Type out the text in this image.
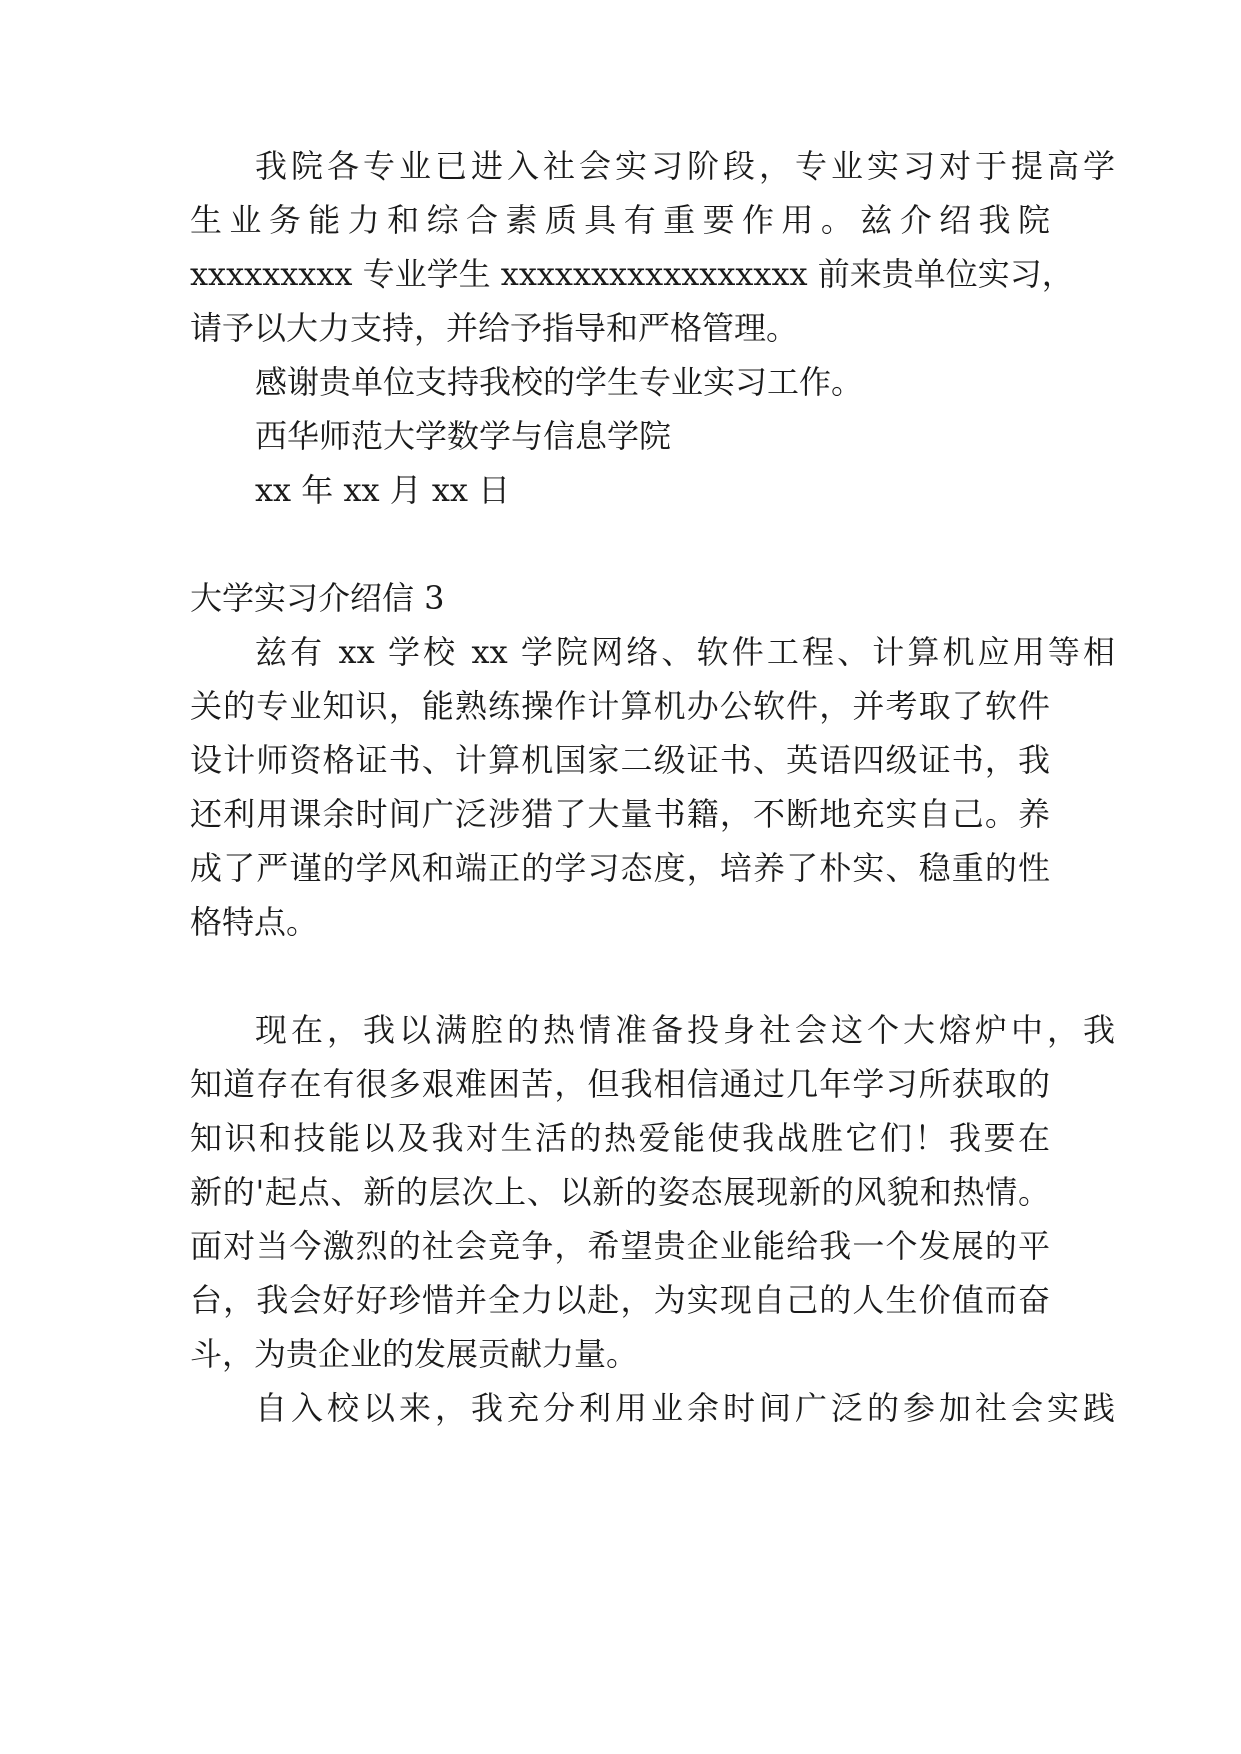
我院各专业已进入社会实习阶段，专业实习对于提高学
生业务能力和综合素质具有重要作用。兹介绍我院
xxxxxxxxx 专业学生 xxxxxxxxxxxxxxxxx 前来贵单位实习，
请予以大力支持，并给予指导和严格管理。
感谢贵单位支持我校的学生专业实习工作。
西华师范大学数学与信息学院
xx 年 xx 月 xx 日
大学实习介绍信 3
兹有 xx 学校 xx 学院网络、软件工程、计算机应用等相
关的专业知识，能熟练操作计算机办公软件，并考取了软件
设计师资格证书、计算机国家二级证书、英语四级证书，我
还利用课余时间广泛涉猎了大量书籍，不断地充实自己。养
成了严谨的学风和端正的学习态度，培养了朴实、稳重的性
格特点。
现在，我以满腔的热情准备投身社会这个大熔炉中，我
知道存在有很多艰难困苦，但我相信通过几年学习所获取的
知识和技能以及我对生活的热爱能使我战胜它们！我要在
新的'起点、新的层次上、以新的姿态展现新的风貌和热情。
面对当今激烈的社会竞争，希望贵企业能给我一个发展的平
台，我会好好珍惜并全力以赴，为实现自己的人生价值而奋
斗，为贵企业的发展贡献力量。
自入校以来，我充分利用业余时间广泛的参加社会实践
